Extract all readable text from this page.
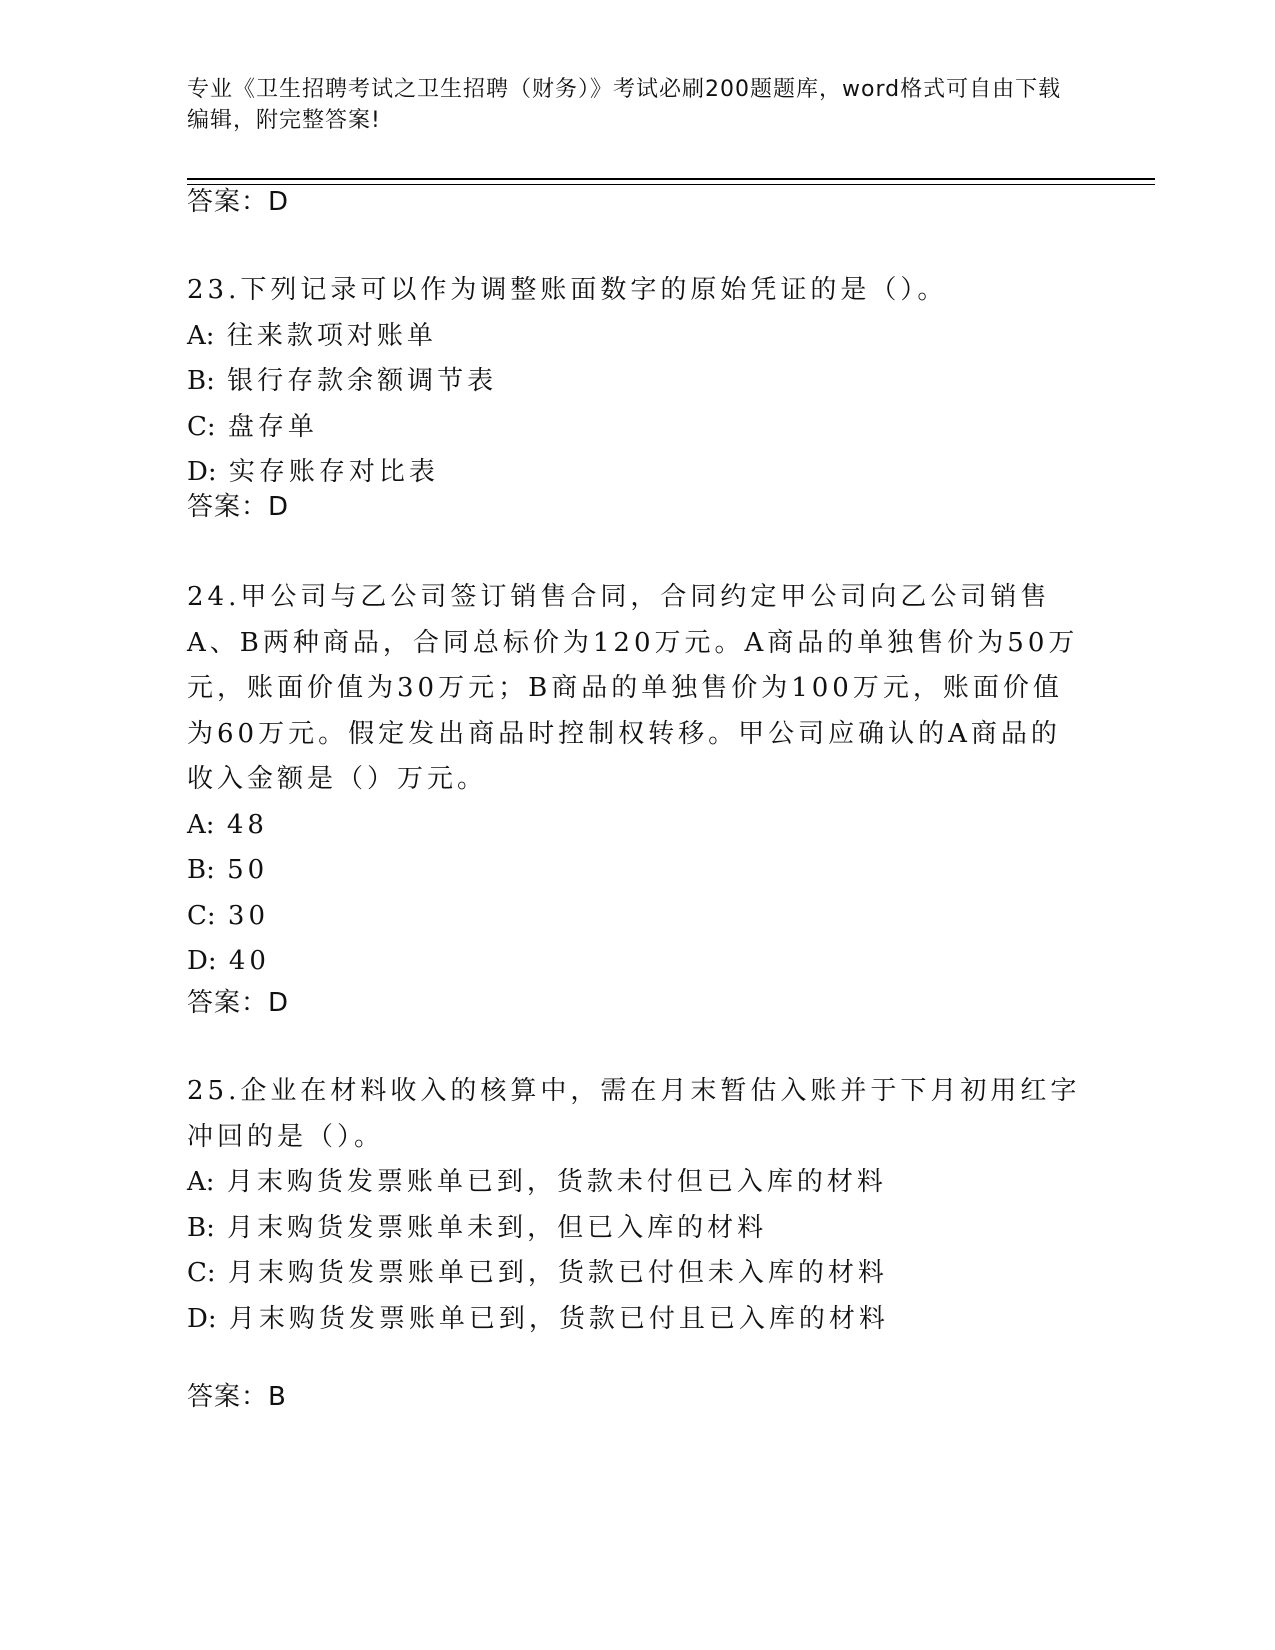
专业《卫生招聘考试之卫生招聘（财务）》考试必刷200题题库，word格式可自由下载编辑，附完整答案!
答案：D

23.下列记录可以作为调整账面数字的原始凭证的是（）。

A: 往来款项对账单

B: 银行存款余额调节表

C: 盘存单

D: 实存账存对比表

答案：D

24.甲公司与乙公司签订销售合同，合同约定甲公司向乙公司销售A、B两种商品，合同总标价为120万元。A商品的单独售价为50万元，账面价值为30万元；B商品的单独售价为100万元，账面价值为60万元。假定发出商品时控制权转移。甲公司应确认的A商品的收入金额是（）万元。

A: 48

B: 50

C: 30

D: 40

答案：D

25.企业在材料收入的核算中，需在月末暂估入账并于下月初用红字冲回的是（）。

A: 月末购货发票账单已到，货款未付但已入库的材料

B: 月末购货发票账单未到，但已入库的材料

C: 月末购货发票账单已到，货款已付但未入库的材料

D: 月末购货发票账单已到，货款已付且已入库的材料

答案：B
